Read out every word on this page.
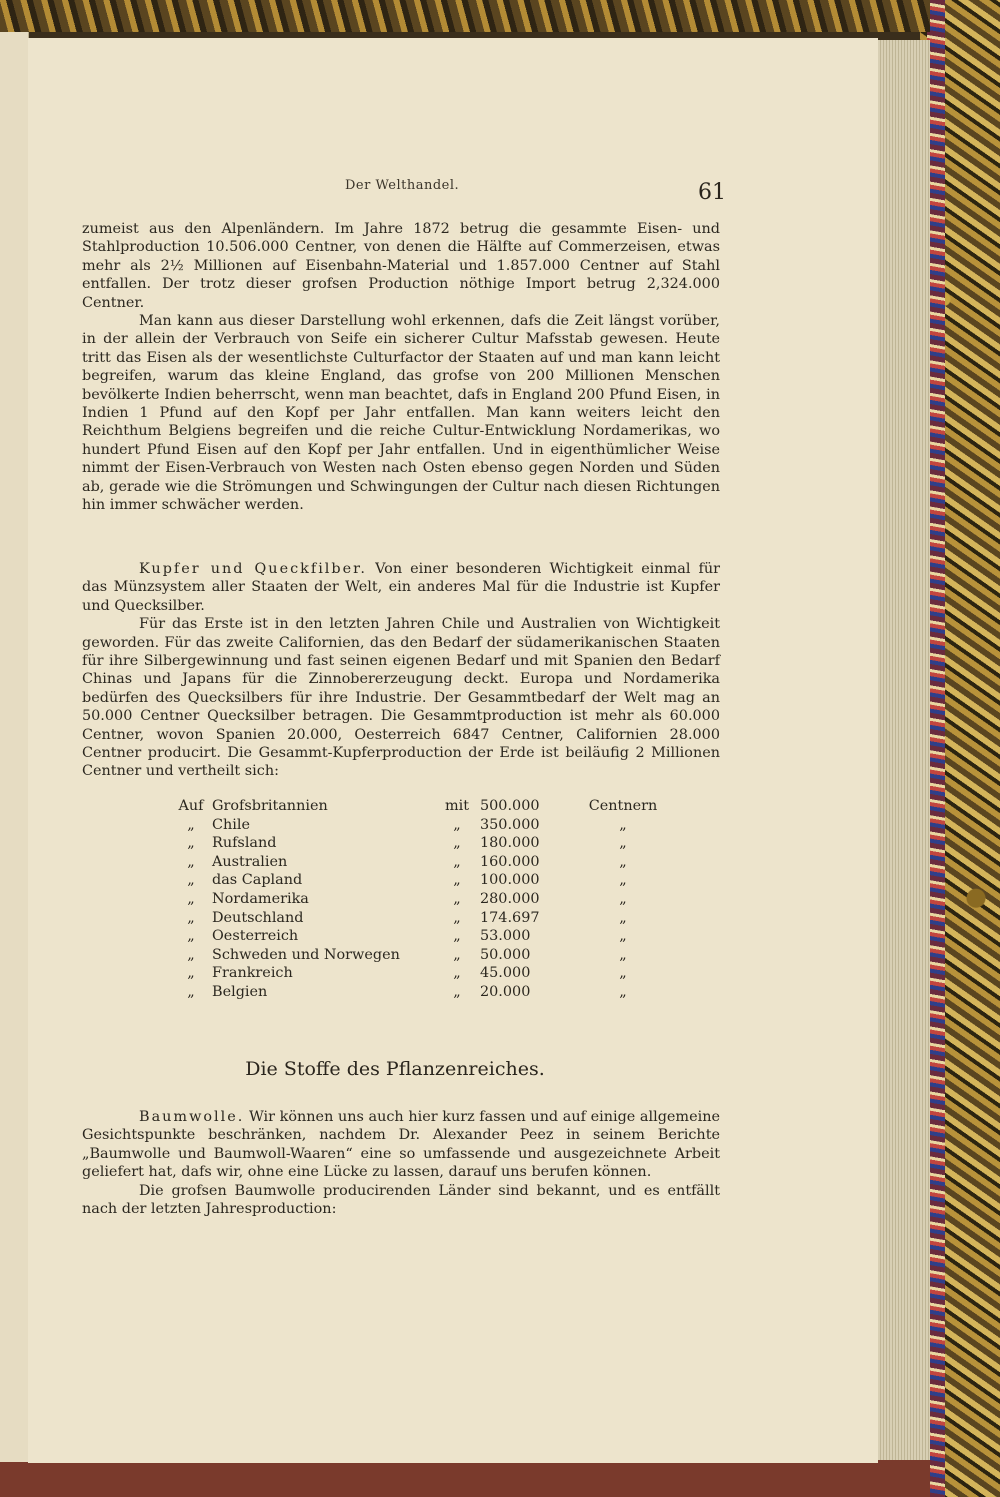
Der Welthandel.	61

zumeist aus den Alpenländern. Im Jahre 1872 betrug die gesammte Eisen- und Stahlproduction 10.506.000 Centner, von denen die Hälfte auf Commerzeisen, etwas mehr als 2½ Millionen auf Eisenbahn-Material und 1.857.000 Centner auf Stahl entfallen. Der trotz dieser grofsen Production nöthige Import betrug 2,324.000 Centner.

Man kann aus dieser Darstellung wohl erkennen, dafs die Zeit längst vorüber, in der allein der Verbrauch von Seife ein sicherer Cultur Mafsstab gewesen. Heute tritt das Eisen als der wesentlichste Culturfactor der Staaten auf und man kann leicht begreifen, warum das kleine England, das grofse von 200 Millionen Menschen bevölkerte Indien beherrscht, wenn man beachtet, dafs in England 200 Pfund Eisen, in Indien 1 Pfund auf den Kopf per Jahr entfallen. Man kann weiters leicht den Reichthum Belgiens begreifen und die reiche Cultur-Entwicklung Nordamerikas, wo hundert Pfund Eisen auf den Kopf per Jahr entfallen. Und in eigenthümlicher Weise nimmt der Eisen-Verbrauch von Westen nach Osten ebenso gegen Norden und Süden ab, gerade wie die Strömungen und Schwingungen der Cultur nach diesen Richtungen hin immer schwächer werden.

Kupfer und Queckfilber. Von einer besonderen Wichtigkeit einmal für das Münzsystem aller Staaten der Welt, ein anderes Mal für die Industrie ist Kupfer und Quecksilber.

Für das Erste ist in den letzten Jahren Chile und Australien von Wichtigkeit geworden. Für das zweite Californien, das den Bedarf der südamerikanischen Staaten für ihre Silbergewinnung und fast seinen eigenen Bedarf und mit Spanien den Bedarf Chinas und Japans für die Zinnobererzeugung deckt. Europa und Nordamerika bedürfen des Quecksilbers für ihre Industrie. Der Gesammtbedarf der Welt mag an 50.000 Centner Quecksilber betragen. Die Gesammtproduction ist mehr als 60.000 Centner, wovon Spanien 20.000, Oesterreich 6847 Centner, Californien 28.000 Centner producirt. Die Gesammt-Kupferproduction der Erde ist beiläufig 2 Millionen Centner und vertheilt sich:

Auf	Grofsbritannien	mit	500.000	Centnern
„	Chile	„	350.000	„
„	Rufsland	„	180.000	„
„	Australien	„	160.000	„
„	das Capland	„	100.000	„
„	Nordamerika	„	280.000	„
„	Deutschland	„	174.697	„
„	Oesterreich	„	53.000	„
„	Schweden und Norwegen	„	50.000	„
„	Frankreich	„	45.000	„
„	Belgien	„	20.000	„
Die Stoffe des Pflanzenreiches.

Baumwolle. Wir können uns auch hier kurz fassen und auf einige allgemeine Gesichtspunkte beschränken, nachdem Dr. Alexander Peez in seinem Berichte „Baumwolle und Baumwoll-Waaren“ eine so umfassende und ausgezeichnete Arbeit geliefert hat, dafs wir, ohne eine Lücke zu lassen, darauf uns berufen können.

Die grofsen Baumwolle producirenden Länder sind bekannt, und es entfällt nach der letzten Jahresproduction:
